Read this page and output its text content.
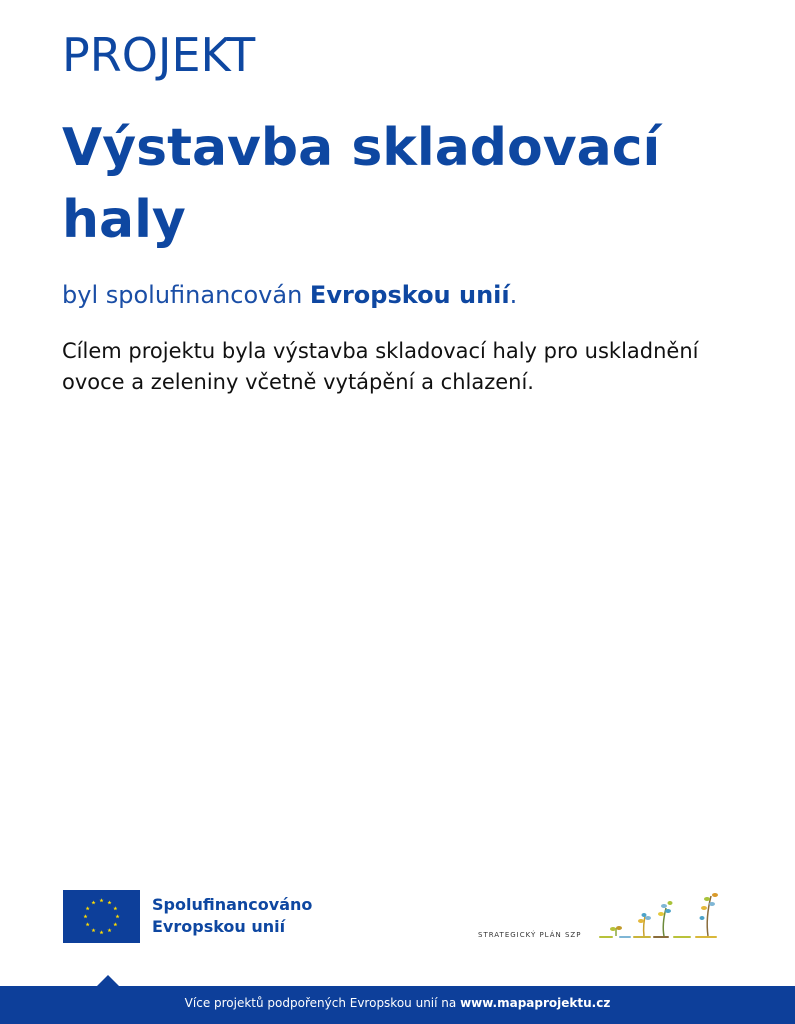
PROJEKT
Výstavba skladovací haly
byl spolufinancován Evropskou unií.
Cílem projektu byla výstavba skladovací haly pro uskladnění ovoce a zeleniny včetně vytápění a chlazení.
Spolufinancováno
Evropskou unií	STRATEGICKÝ PLÁN SZP
Více projektů podpořených Evropskou unií na www.mapaprojektu.cz
